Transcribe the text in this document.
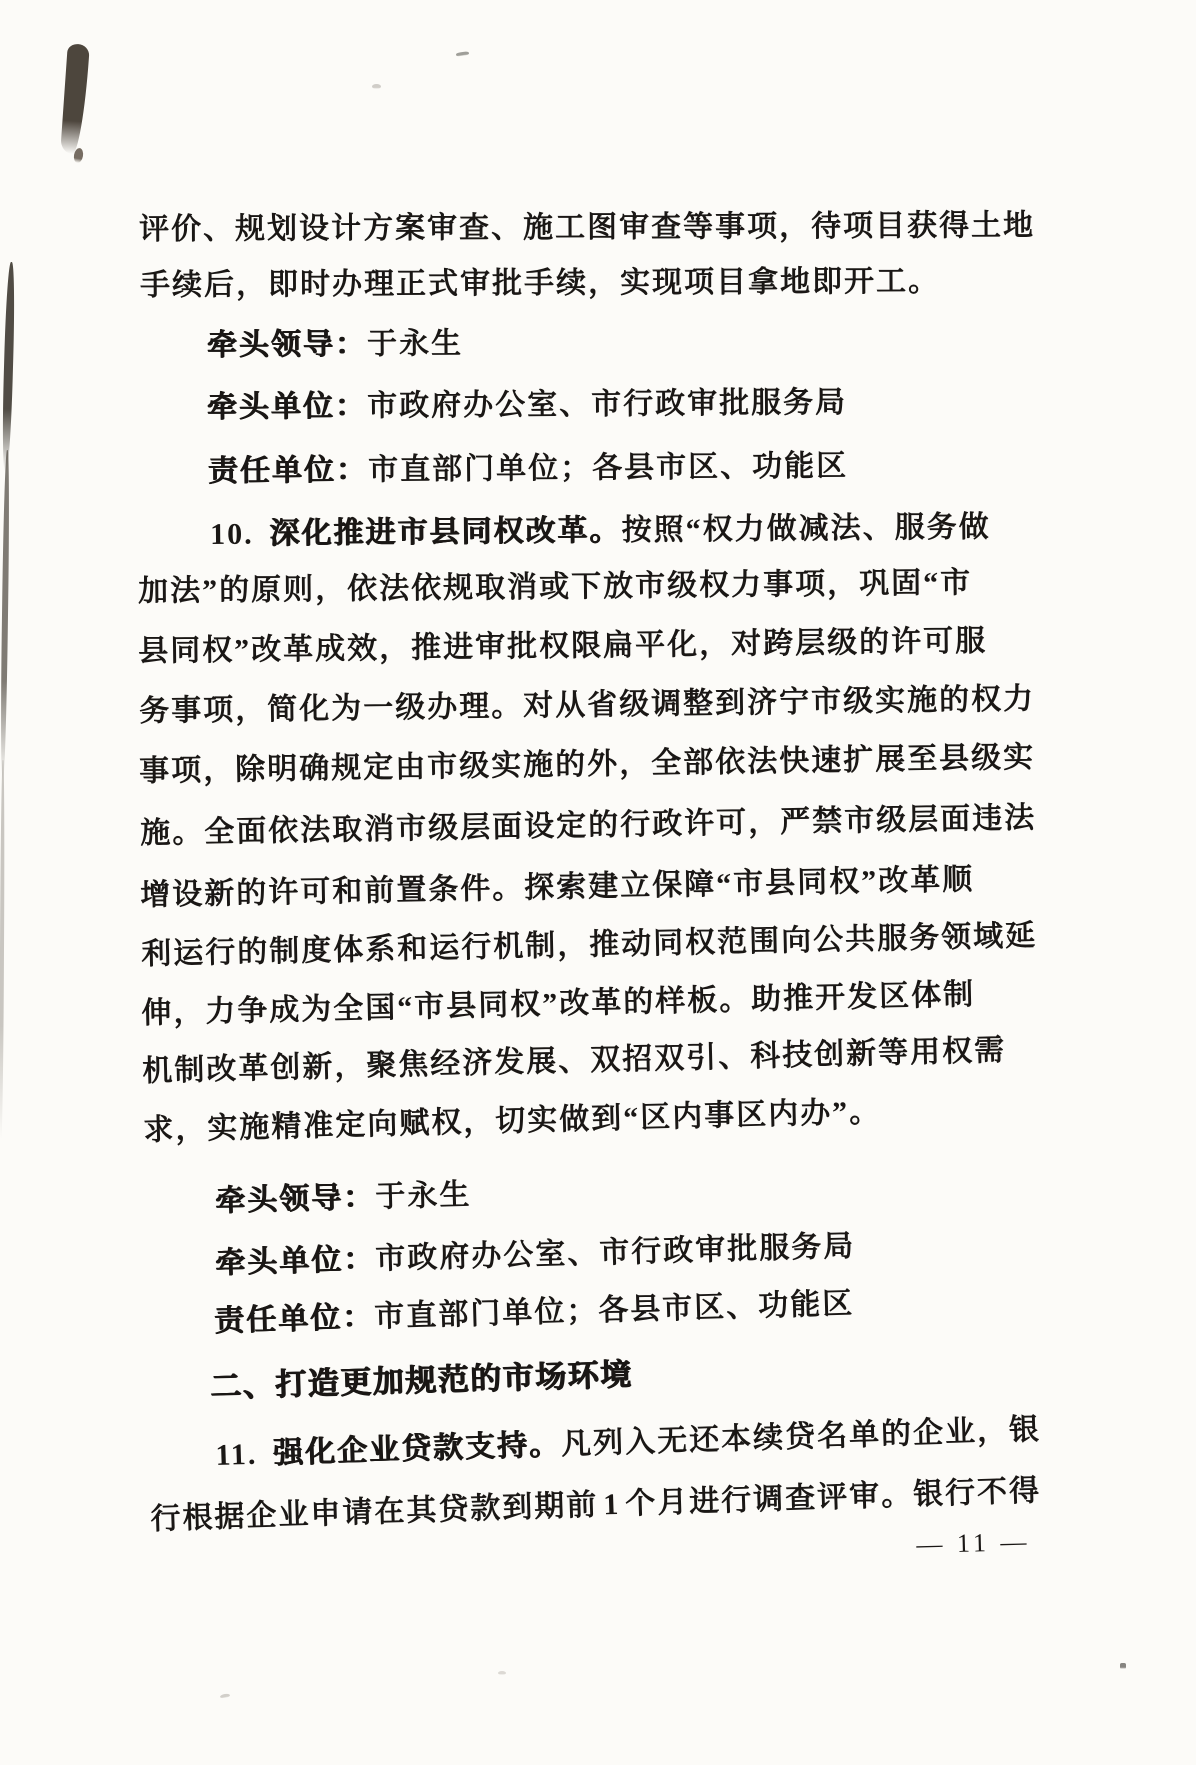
评价、规划设计方案审查、施工图审查等事项，待项目获得土地
手续后，即时办理正式审批手续，实现项目拿地即开工。
牵头领导：于永生
牵头单位：市政府办公室、市行政审批服务局
责任单位：市直部门单位；各县市区、功能区
10. 深化推进市县同权改革。按照“权力做减法、服务做
加法”的原则，依法依规取消或下放市级权力事项，巩固“市
县同权”改革成效，推进审批权限扁平化，对跨层级的许可服
务事项，简化为一级办理。对从省级调整到济宁市级实施的权力
事项，除明确规定由市级实施的外，全部依法快速扩展至县级实
施。全面依法取消市级层面设定的行政许可，严禁市级层面违法
增设新的许可和前置条件。探索建立保障“市县同权”改革顺
利运行的制度体系和运行机制，推动同权范围向公共服务领域延
伸，力争成为全国“市县同权”改革的样板。助推开发区体制
机制改革创新，聚焦经济发展、双招双引、科技创新等用权需
求，实施精准定向赋权，切实做到“区内事区内办”。
牵头领导：于永生
牵头单位：市政府办公室、市行政审批服务局
责任单位：市直部门单位；各县市区、功能区
二、打造更加规范的市场环境
11. 强化企业贷款支持。凡列入无还本续贷名单的企业，银
行根据企业申请在其贷款到期前 1 个月进行调查评审。银行不得
— 11 —
